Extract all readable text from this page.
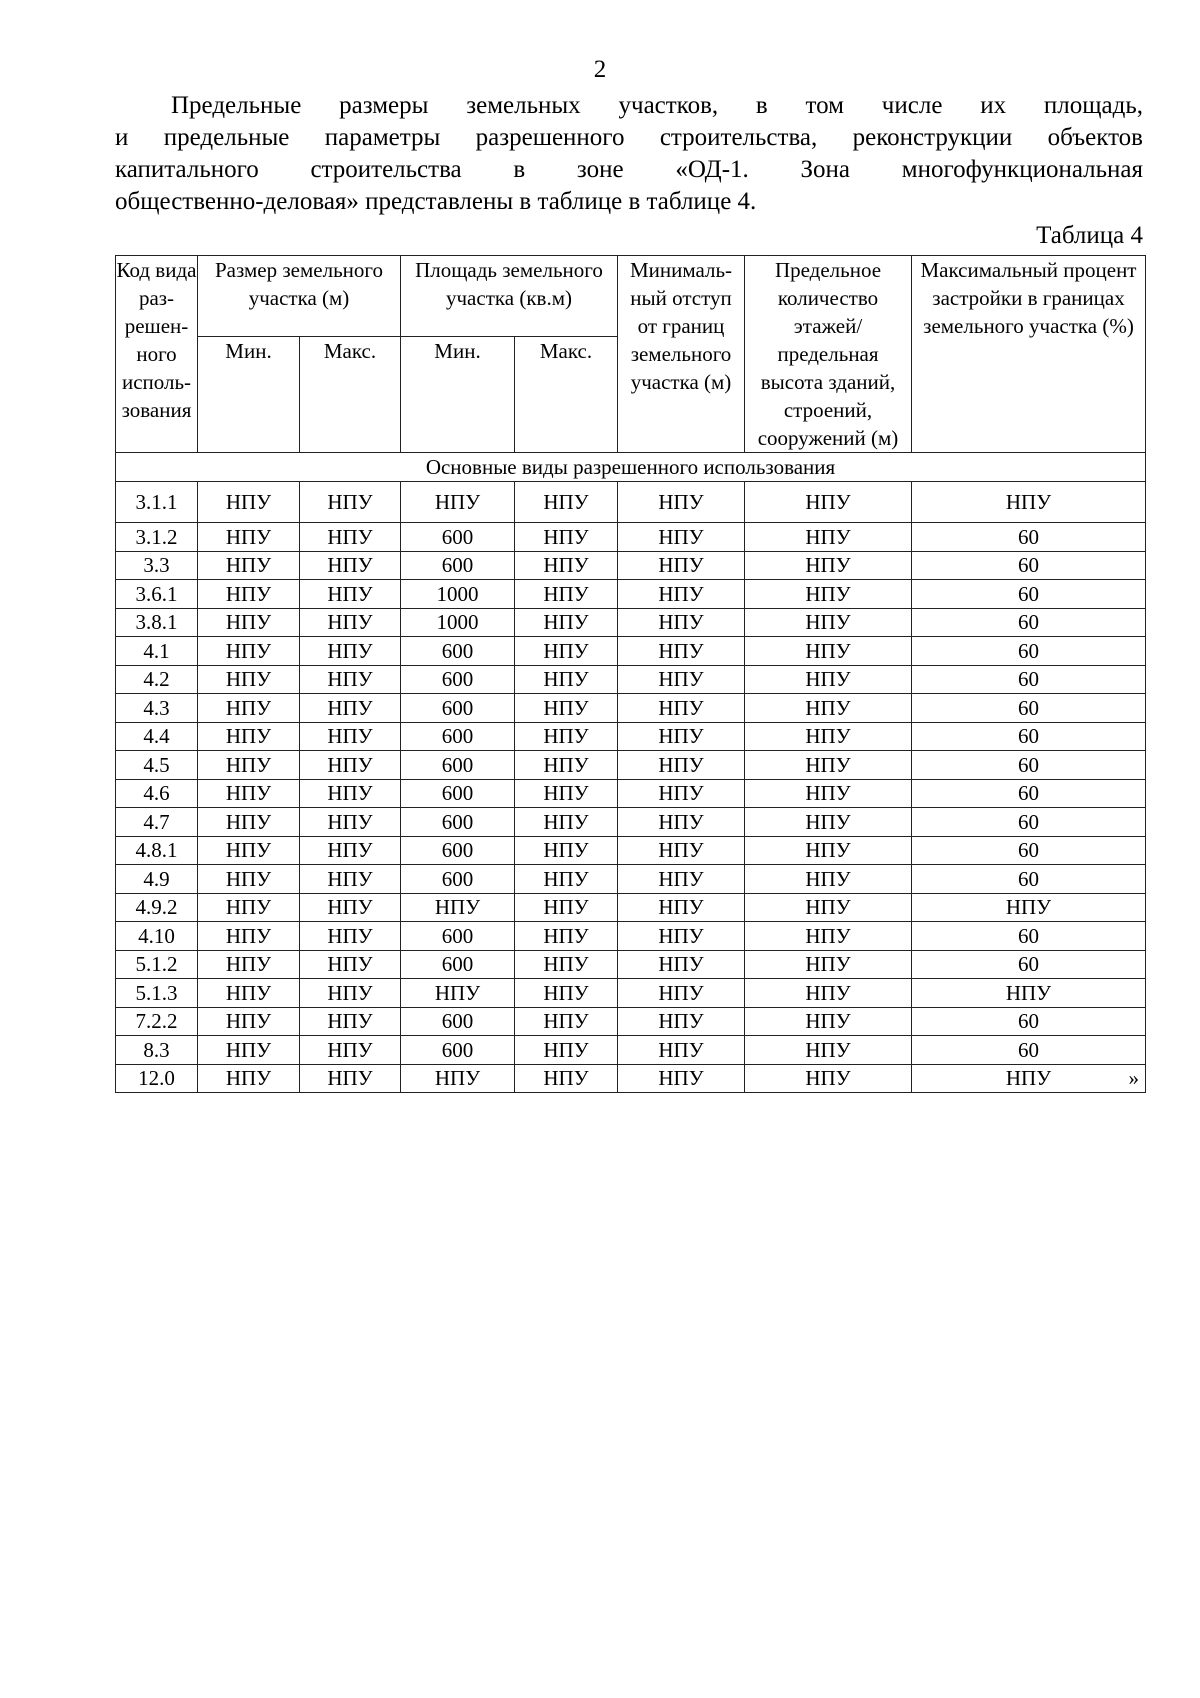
2
Предельные размеры земельных участков, в том числе их площадь,
и предельные параметры разрешенного строительства, реконструкции объектов
капитального строительства в зоне «ОД-1. Зона многофункциональная
общественно-деловая» представлены в таблице в таблице 4.
Таблица 4
Код вида раз- решен- ного исполь- зования	Размер земельного участка (м)		Площадь земельного участка (кв.м)		Минималь- ный отступ от границ земельного участка (м)	Предельное количество этажей/ предельная высота зданий, строений, сооружений (м)	Максимальный процент застройки в границах земельного участка (%)
	Мин.	Макс.	Мин.	Макс.			
Основные виды разрешенного использования							
3.1.1	НПУ	НПУ	НПУ	НПУ	НПУ	НПУ	НПУ
3.1.2	НПУ	НПУ	600	НПУ	НПУ	НПУ	60
3.3	НПУ	НПУ	600	НПУ	НПУ	НПУ	60
3.6.1	НПУ	НПУ	1000	НПУ	НПУ	НПУ	60
3.8.1	НПУ	НПУ	1000	НПУ	НПУ	НПУ	60
4.1	НПУ	НПУ	600	НПУ	НПУ	НПУ	60
4.2	НПУ	НПУ	600	НПУ	НПУ	НПУ	60
4.3	НПУ	НПУ	600	НПУ	НПУ	НПУ	60
4.4	НПУ	НПУ	600	НПУ	НПУ	НПУ	60
4.5	НПУ	НПУ	600	НПУ	НПУ	НПУ	60
4.6	НПУ	НПУ	600	НПУ	НПУ	НПУ	60
4.7	НПУ	НПУ	600	НПУ	НПУ	НПУ	60
4.8.1	НПУ	НПУ	600	НПУ	НПУ	НПУ	60
4.9	НПУ	НПУ	600	НПУ	НПУ	НПУ	60
4.9.2	НПУ	НПУ	НПУ	НПУ	НПУ	НПУ	НПУ
4.10	НПУ	НПУ	600	НПУ	НПУ	НПУ	60
5.1.2	НПУ	НПУ	600	НПУ	НПУ	НПУ	60
5.1.3	НПУ	НПУ	НПУ	НПУ	НПУ	НПУ	НПУ
7.2.2	НПУ	НПУ	600	НПУ	НПУ	НПУ	60
8.3	НПУ	НПУ	600	НПУ	НПУ	НПУ	60
12.0	НПУ	НПУ	НПУ	НПУ	НПУ	НПУ	НПУ »
